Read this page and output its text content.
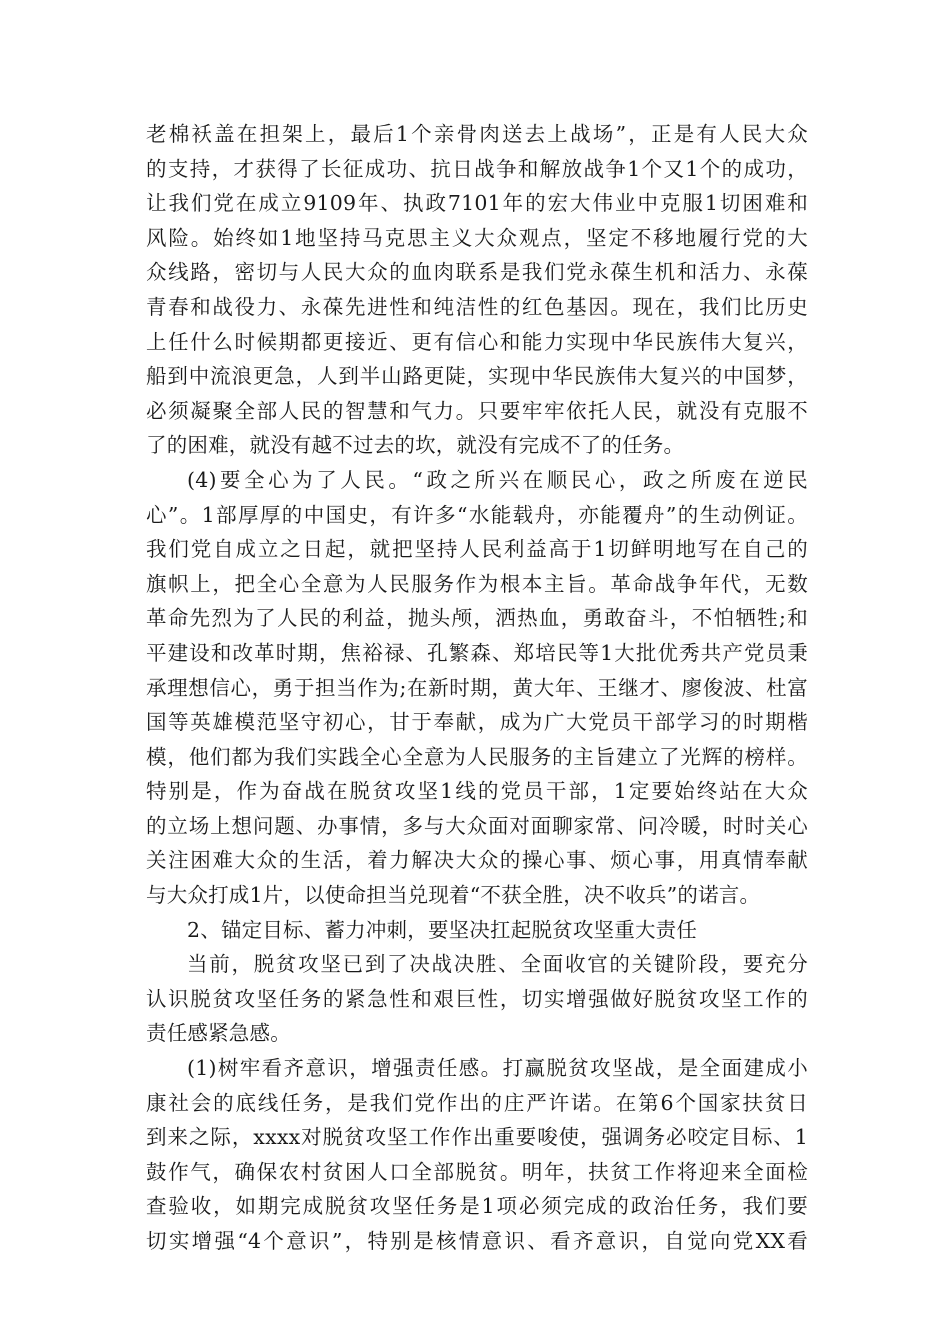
老棉袄盖在担架上，最后1个亲骨肉送去上战场”，正是有人民大众
的支持，才获得了长征成功、抗日战争和解放战争1个又1个的成功，
让我们党在成立9109年、执政7101年的宏大伟业中克服1切困难和
风险。始终如1地坚持马克思主义大众观点，坚定不移地履行党的大
众线路，密切与人民大众的血肉联系是我们党永葆生机和活力、永葆
青春和战役力、永葆先进性和纯洁性的红色基因。现在，我们比历史
上任什么时候期都更接近、更有信心和能力实现中华民族伟大复兴，
船到中流浪更急，人到半山路更陡，实现中华民族伟大复兴的中国梦，
必须凝聚全部人民的智慧和气力。只要牢牢依托人民，就没有克服不
了的困难，就没有越不过去的坎，就没有完成不了的任务。
(4)要全心为了人民。“政之所兴在顺民心，政之所废在逆民
心”。1部厚厚的中国史，有许多“水能载舟，亦能覆舟”的生动例证。
我们党自成立之日起，就把坚持人民利益高于1切鲜明地写在自己的
旗帜上，把全心全意为人民服务作为根本主旨。革命战争年代，无数
革命先烈为了人民的利益，抛头颅，洒热血，勇敢奋斗，不怕牺牲;和
平建设和改革时期，焦裕禄、孔繁森、郑培民等1大批优秀共产党员秉
承理想信心，勇于担当作为;在新时期，黄大年、王继才、廖俊波、杜富
国等英雄模范坚守初心，甘于奉献，成为广大党员干部学习的时期楷
模，他们都为我们实践全心全意为人民服务的主旨建立了光辉的榜样。
特别是，作为奋战在脱贫攻坚1线的党员干部，1定要始终站在大众
的立场上想问题、办事情，多与大众面对面聊家常、问冷暖，时时关心
关注困难大众的生活，着力解决大众的操心事、烦心事，用真情奉献
与大众打成1片，以使命担当兑现着“不获全胜，决不收兵”的诺言。
2、锚定目标、蓄力冲刺，要坚决扛起脱贫攻坚重大责任
当前，脱贫攻坚已到了决战决胜、全面收官的关键阶段，要充分
认识脱贫攻坚任务的紧急性和艰巨性，切实增强做好脱贫攻坚工作的
责任感紧急感。
(1)树牢看齐意识，增强责任感。打赢脱贫攻坚战，是全面建成小
康社会的底线任务，是我们党作出的庄严许诺。在第6个国家扶贫日
到来之际，xxxx对脱贫攻坚工作作出重要唆使，强调务必咬定目标、1
鼓作气，确保农村贫困人口全部脱贫。明年，扶贫工作将迎来全面检
查验收，如期完成脱贫攻坚任务是1项必须完成的政治任务，我们要
切实增强“4个意识”，特别是核情意识、看齐意识，自觉向党XX看
